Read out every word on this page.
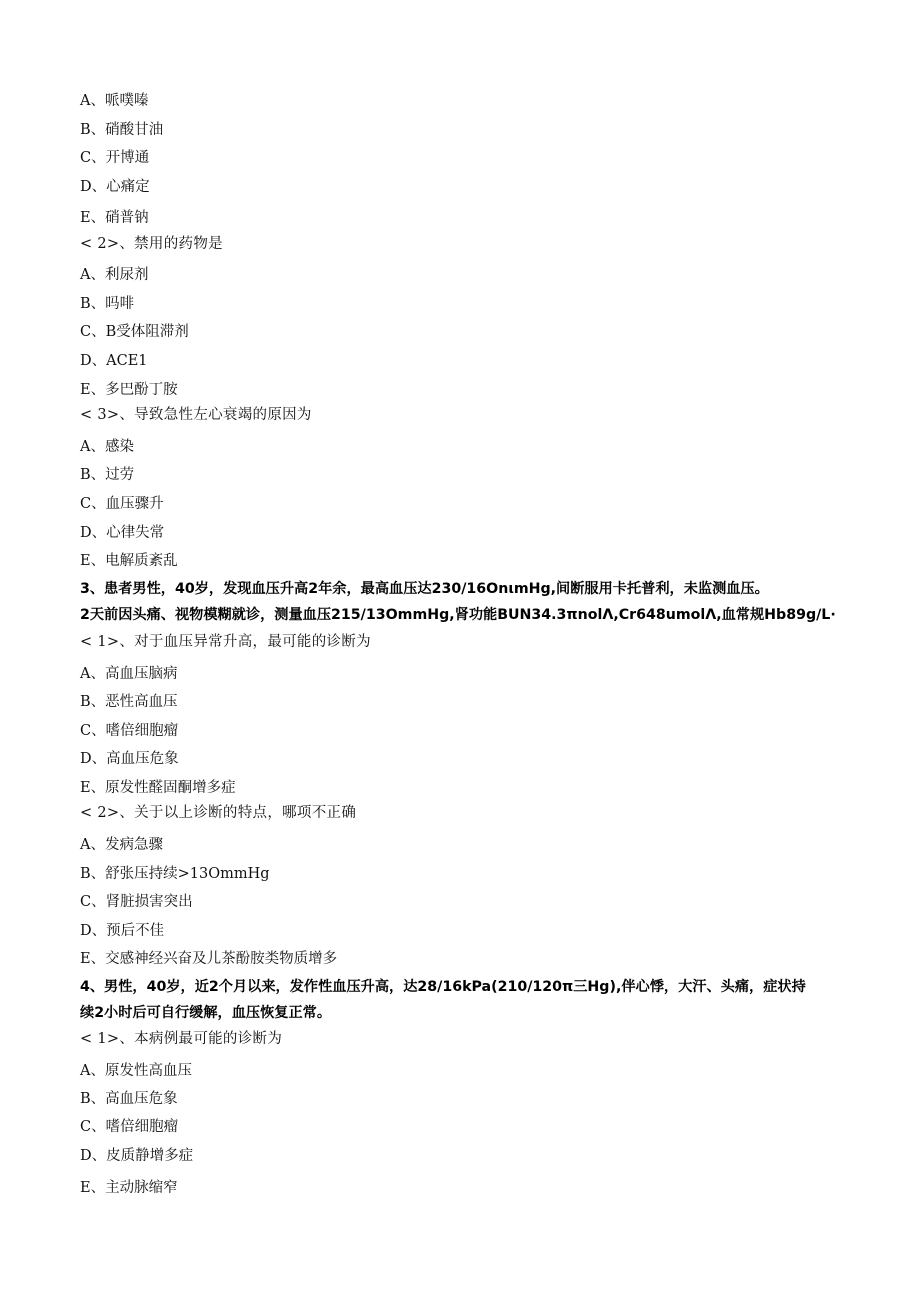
A、哌噗嗪
B、硝酸甘油
C、开博通
D、心痛定
E、硝普钠
< 2>、禁用的药物是
A、利尿剂
B、吗啡
C、B受体阻滞剂
D、ACE1
E、多巴酚丁胺
< 3>、导致急性左心衰竭的原因为
A、感染
B、过劳
C、血压骤升
D、心律失常
E、电解质紊乱
3、患者男性，40岁，发现血压升高2年余，最高血压达230/16OnιmHg,间断服用卡托普利，未监测血压。
2天前因头痛、视物模糊就诊，测量血压215/13OmmHg,肾功能BUN34.3πnolΛ,Cr648umolΛ,血常规Hb89g∕L∙
< 1>、对于血压异常升高，最可能的诊断为
A、高血压脑病
B、恶性高血压
C、嗜倍细胞瘤
D、高血压危象
E、原发性醛固酮增多症
< 2>、关于以上诊断的特点，哪项不正确
A、发病急骤
B、舒张压持续>13OmmHg
C、肾脏损害突出
D、预后不佳
E、交感神经兴奋及儿茶酚胺类物质增多
4、男性，40岁，近2个月以来，发作性血压升高，达28/16kPa(210/120π三Hg),伴心悸，大汗、头痛，症状持
续2小时后可自行缓解，血压恢复正常。
< 1>、本病例最可能的诊断为
A、原发性高血压
B、高血压危象
C、嗜倍细胞瘤
D、皮质静增多症
E、主动脉缩窄
